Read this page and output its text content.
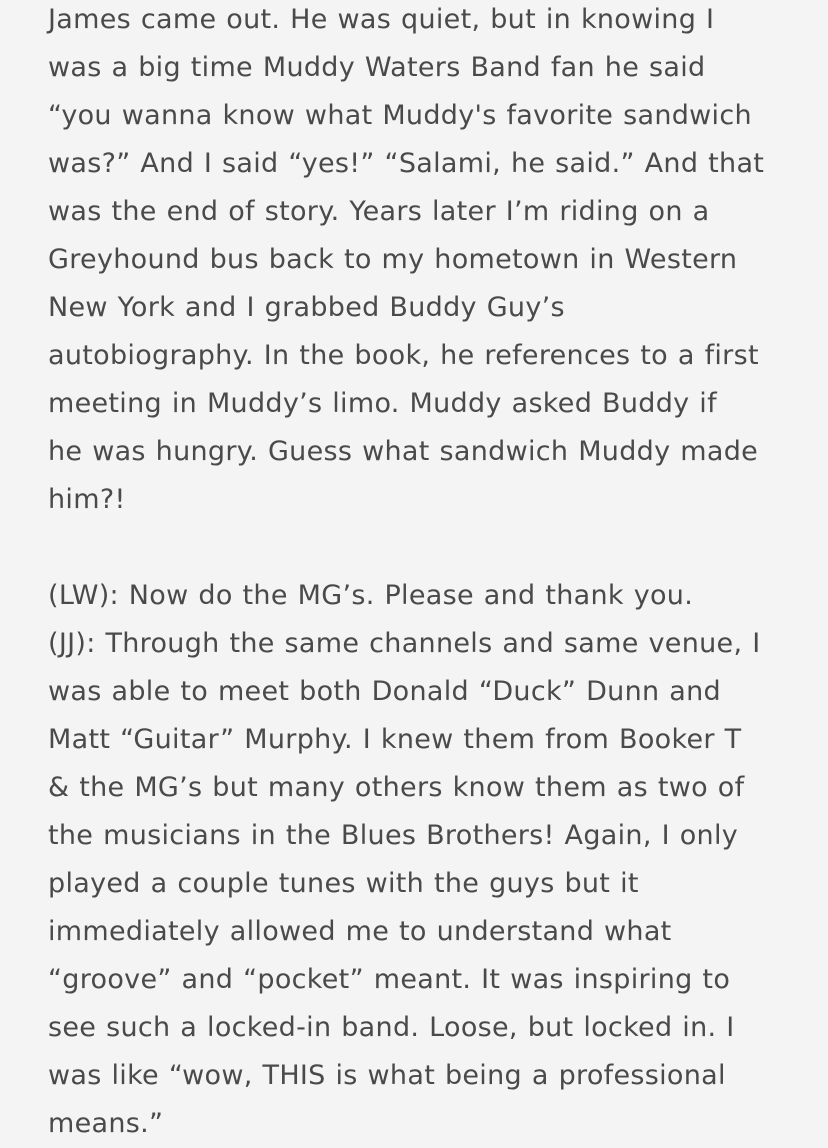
James came out. He was quiet, but in knowing I
was a big time Muddy Waters Band fan he said
“you wanna know what Muddy's favorite sandwich
was?” And I said “yes!” “Salami, he said.” And that
was the end of story. Years later I’m riding on a
Greyhound bus back to my hometown in Western
New York and I grabbed Buddy Guy’s
autobiography. In the book, he references to a first
meeting in Muddy’s limo. Muddy asked Buddy if
he was hungry. Guess what sandwich Muddy made
him?!
(LW): Now do the MG’s. Please and thank you.
(JJ): Through the same channels and same venue, I
was able to meet both Donald “Duck” Dunn and
Matt “Guitar” Murphy. I knew them from Booker T
& the MG’s but many others know them as two of
the musicians in the Blues Brothers! Again, I only
played a couple tunes with the guys but it
immediately allowed me to understand what
“groove” and “pocket” meant. It was inspiring to
see such a locked-in band. Loose, but locked in. I
was like “wow, THIS is what being a professional
means.”
